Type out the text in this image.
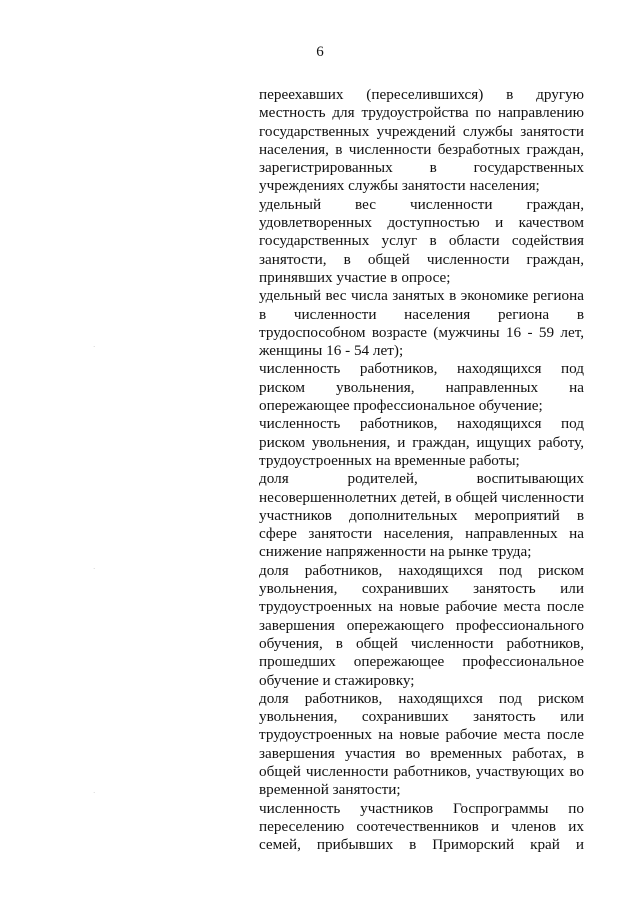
6
·
·
·

переехавших (переселившихся) в другую местность для трудоустройства по направлению государственных учреждений службы занятости населения, в численности безработных граждан, зарегистрированных в государственных учреждениях службы занятости населения;

удельный вес численности граждан, удовлетворенных доступностью и качеством государственных услуг в области содействия занятости, в общей численности граждан, принявших участие в опросе;

удельный вес числа занятых в экономике региона в численности населения региона в трудоспособном возрасте (мужчины 16 - 59 лет, женщины 16 - 54 лет);

численность работников, находящихся под риском увольнения, направленных на опережающее профессиональное обучение;

численность работников, находящихся под риском увольнения, и граждан, ищущих работу, трудоустроенных на временные работы;

доля родителей, воспитывающих несовершеннолетних детей, в общей численности участников дополнительных мероприятий в сфере занятости населения, направленных на снижение напряженности на рынке труда;

доля работников, находящихся под риском увольнения, сохранивших занятость или трудоустроенных на новые рабочие места после завершения опережающего профессионального обучения, в общей численности работников, прошедших опережающее профессиональное обучение и стажировку;

доля работников, находящихся под риском увольнения, сохранивших занятость или трудоустроенных на новые рабочие места после завершения участия во временных работах, в общей численности работников, участвующих во временной занятости;

численность участников Госпрограммы по переселению соотечественников и членов их семей, прибывших в Приморский край и
